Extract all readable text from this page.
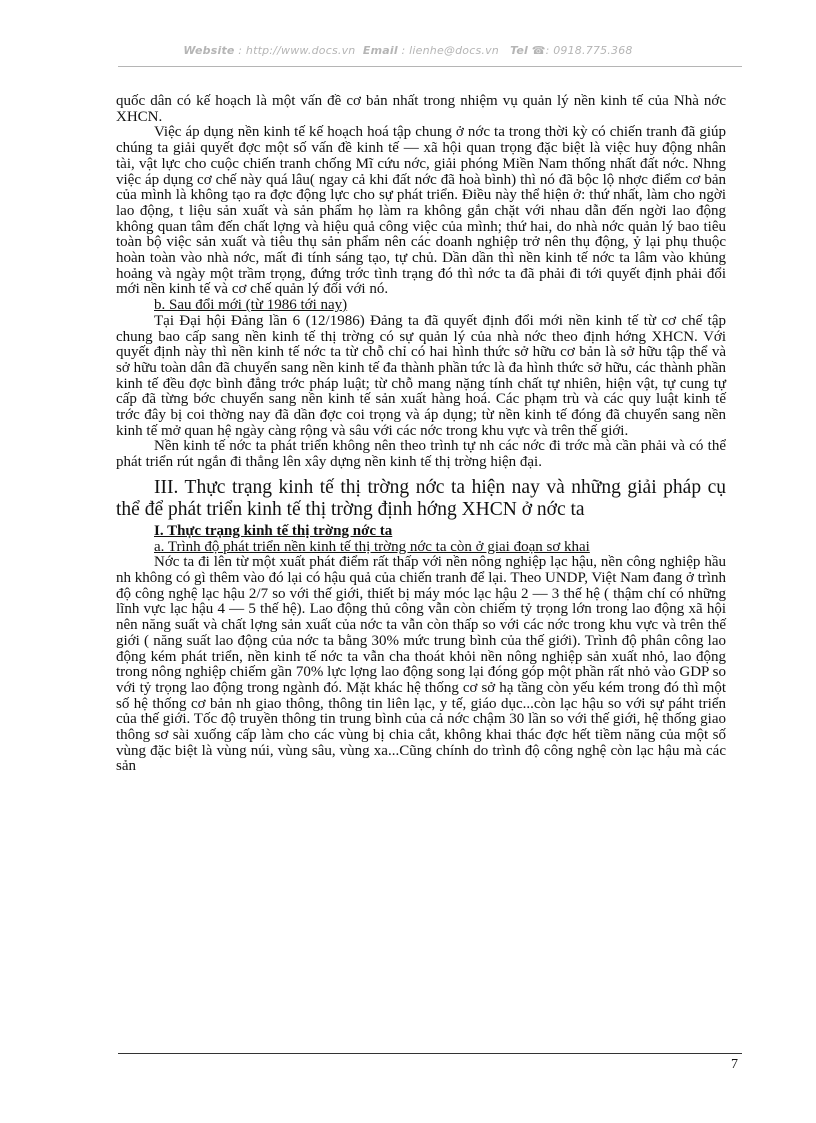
Website : http://www.docs.vn Email : lienhe@docs.vn Tel ☎: 0918.775.368

quốc dân có kế hoạch là một vấn đề cơ bản nhất trong nhiệm vụ quản lý nền kinh tế của Nhà nớc XHCN.

Việc áp dụng nền kinh tế kế hoạch hoá tập chung ở nớc ta trong thời kỳ có chiến tranh đã giúp chúng ta giải quyết đợc một số vấn đề kinh tế — xã hội quan trọng đặc biệt là việc huy động nhân tài, vật lực cho cuộc chiến tranh chống Mĩ cứu nớc, giải phóng Miền Nam thống nhất đất nớc. Nhng việc áp dụng cơ chế này quá lâu( ngay cả khi đất nớc đã hoà bình) thì nó đã bộc lộ nhợc điểm cơ bản của mình là không tạo ra đợc động lực cho sự phát triển. Điều này thể hiện ở: thứ nhất, làm cho ngời lao động, t liệu sản xuất và sản phẩm họ làm ra không gắn chặt với nhau dẫn đến ngời lao động không quan tâm đến chất lợng và hiệu quả công việc của mình; thứ hai, do nhà nớc quản lý bao tiêu toàn bộ việc sản xuất và tiêu thụ sản phẩm nên các doanh nghiệp trở nên thụ động, ỷ lại phụ thuộc hoàn toàn vào nhà nớc, mất đi tính sáng tạo, tự chủ. Dần dần thì nền kinh tế nớc ta lâm vào khủng hoảng và ngày một trầm trọng, đứng trớc tình trạng đó thì nớc ta đã phải đi tới quyết định phải đổi mới nền kinh tế và cơ chế quản lý đối với nó.

b. Sau đổi mới (từ 1986 tới nay)

Tại Đại hội Đảng lần 6 (12/1986) Đảng ta đã quyết định đổi mới nền kinh tế từ cơ chế tập chung bao cấp sang nền kinh tế thị trờng có sự quản lý của nhà nớc theo định hớng XHCN. Với quyết định này thì nền kinh tế nớc ta từ chỗ chỉ có hai hình thức sở hữu cơ bản là sở hữu tập thể và sở hữu toàn dân đã chuyển sang nền kinh tế đa thành phần tức là đa hình thức sở hữu, các thành phần kinh tế đều đợc bình đẳng trớc pháp luật; từ chỗ mang nặng tính chất tự nhiên, hiện vật, tự cung tự cấp đã từng bớc chuyển sang nền kinh tế sản xuất hàng hoá. Các phạm trù và các quy luật kinh tế trớc đây bị coi thờng nay đã dần đợc coi trọng và áp dụng; từ nền kinh tế đóng đã chuyển sang nền kinh tế mở quan hệ ngày càng rộng và sâu với các nớc trong khu vực và trên thế giới.

Nền kinh tế nớc ta phát triển không nên theo trình tự nh các nớc đi trớc mà cần phải và có thể phát triển rút ngắn đi thẳng lên xây dựng nền kinh tế thị trờng hiện đại.

III. Thực trạng kinh tế thị trờng nớc ta hiện nay và những giải pháp cụ thể để phát triển kinh tế thị trờng định hớng XHCN ở nớc ta

I. Thực trạng kinh tế thị trờng nớc ta

a. Trình độ phát triển nền kinh tế thị trờng nớc ta còn ở giai đoạn sơ khai

Nớc ta đi lên từ một xuất phát điểm rất thấp với nền nông nghiệp lạc hậu, nền công nghiệp hầu nh không có gì thêm vào đó lại có hậu quả của chiến tranh để lại. Theo UNDP, Việt Nam đang ở trình độ công nghệ lạc hậu 2/7 so với thế giới, thiết bị máy móc lạc hậu 2 — 3 thế hệ ( thậm chí có những lĩnh vực lạc hậu 4 — 5 thế hệ). Lao động thủ công vẫn còn chiếm tỷ trọng lớn trong lao động xã hội nên năng suất và chất lợng sản xuất của nớc ta vẫn còn thấp so với các nớc trong khu vực và trên thế giới ( năng suất lao động của nớc ta bằng 30% mức trung bình của thế giới). Trình độ phân công lao động kém phát triển, nền kinh tế nớc ta vẫn cha thoát khỏi nền nông nghiệp sản xuất nhỏ, lao động trong nông nghiệp chiếm gần 70% lực lợng lao động song lại đóng góp một phần rất nhỏ vào GDP so với tỷ trọng lao động trong ngành đó. Mặt khác hệ thống cơ sở hạ tầng còn yếu kém trong đó thì một số hệ thống cơ bản nh giao thông, thông tin liên lạc, y tế, giáo dục...còn lạc hậu so với sự páht triển của thế giới. Tốc độ truyền thông tin trung bình của cả nớc chậm 30 lần so với thế giới, hệ thống giao thông sơ sài xuống cấp làm cho các vùng bị chia cắt, không khai thác đợc hết tiềm năng của một số vùng đặc biệt là vùng núi, vùng sâu, vùng xa...Cũng chính do trình độ công nghệ còn lạc hậu mà các sản

7
